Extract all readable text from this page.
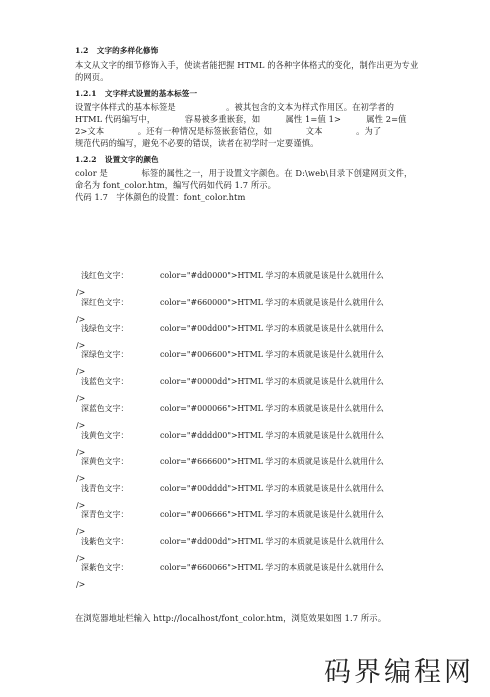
1.2 文字的多样化修饰
本文从文字的细节修饰入手，使读者能把握 HTML 的各种字体格式的变化，制作出更为专业
的网页。
1.2.1 文字样式设置的基本标签一
设置字体样式的基本标签是　　　　　　。被其包含的文本为样式作用区。在初学者的
HTML 代码编写中，　　　　容易被多重嵌套，如　　　属性 1=值 1>　　　属性 2=值
2>文本　　　　。还有一种情况是标签嵌套错位，如　　　　文本　　　　。为了
规范代码的编写，避免不必要的错误，读者在初学时一定要谨慎。
1.2.2 设置文字的颜色
color 是　　　　标签的属性之一，用于设置文字颜色。在 D:\web\目录下创建网页文件，
命名为 font_color.htm，编写代码如代码 1.7 所示。
代码 1.7　字体颜色的设置：font_color.htm
浅红色文字：	color="#dd0000">HTML 学习的本质就是该是什么就用什么
/>
深红色文字：	color="#660000">HTML 学习的本质就是该是什么就用什么
/>
浅绿色文字：	color="#00dd00">HTML 学习的本质就是该是什么就用什么
/>
深绿色文字：	color="#006600">HTML 学习的本质就是该是什么就用什么
/>
浅蓝色文字：	color="#0000dd">HTML 学习的本质就是该是什么就用什么
/>
深蓝色文字：	color="#000066">HTML 学习的本质就是该是什么就用什么
/>
浅黄色文字：	color="#dddd00">HTML 学习的本质就是该是什么就用什么
/>
深黄色文字：	color="#666600">HTML 学习的本质就是该是什么就用什么
/>
浅青色文字：	color="#00dddd">HTML 学习的本质就是该是什么就用什么
/>
深青色文字：	color="#006666">HTML 学习的本质就是该是什么就用什么
/>
浅紫色文字：	color="#dd00dd">HTML 学习的本质就是该是什么就用什么
/>
深紫色文字：	color="#660066">HTML 学习的本质就是该是什么就用什么
/>
在浏览器地址栏输入 http://localhost/font_color.htm，浏览效果如图 1.7 所示。
码界编程网
